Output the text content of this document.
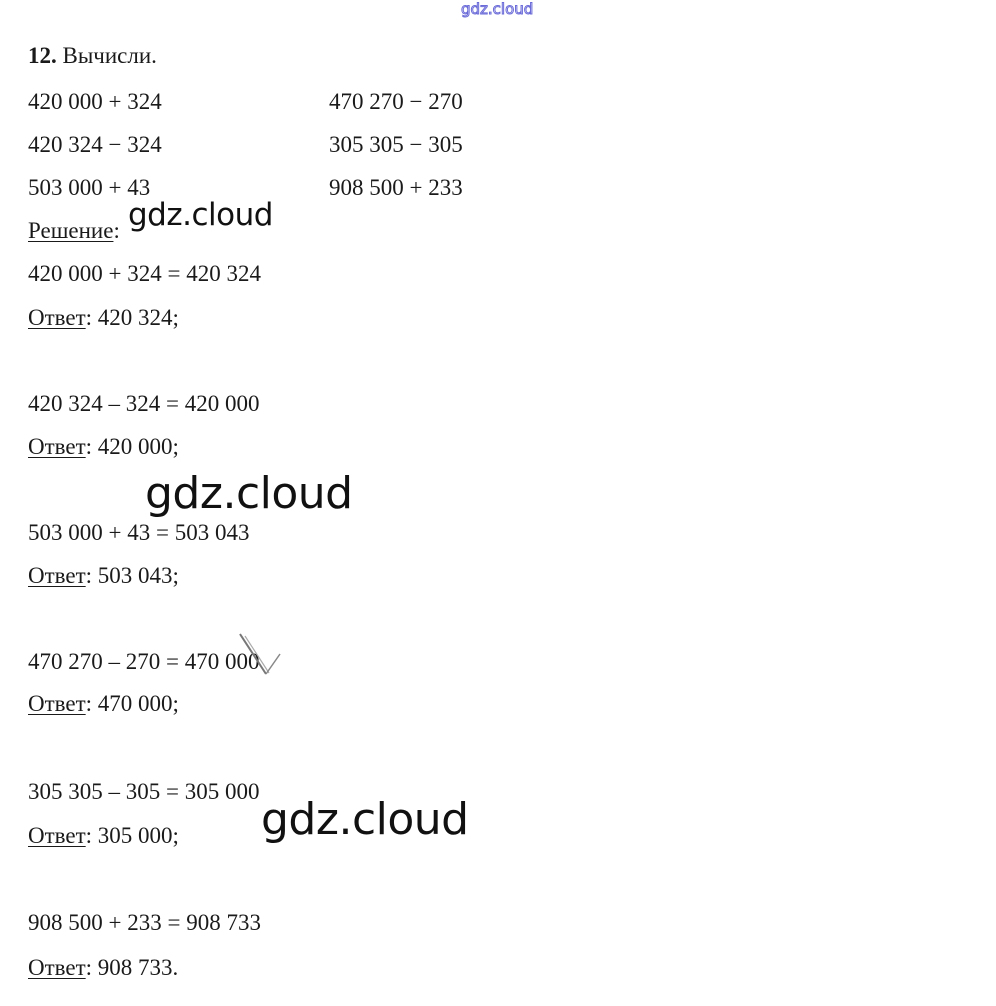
gdz.cloud
12. Вычисли.
420 000 + 324
420 324 − 324
503 000 + 43
470 270 − 270
305 305 − 305
908 500 + 233
Решение: gdz.cloud
420 000 + 324 = 420 324
Ответ: 420 324;
420 324 – 324 = 420 000
Ответ: 420 000;
gdz.cloud
503 000 + 43 = 503 043
Ответ: 503 043;
470 270 – 270 = 470 000
Ответ: 470 000;
305 305 – 305 = 305 000
Ответ: 305 000; gdz.cloud
908 500 + 233 = 908 733
Ответ: 908 733.
